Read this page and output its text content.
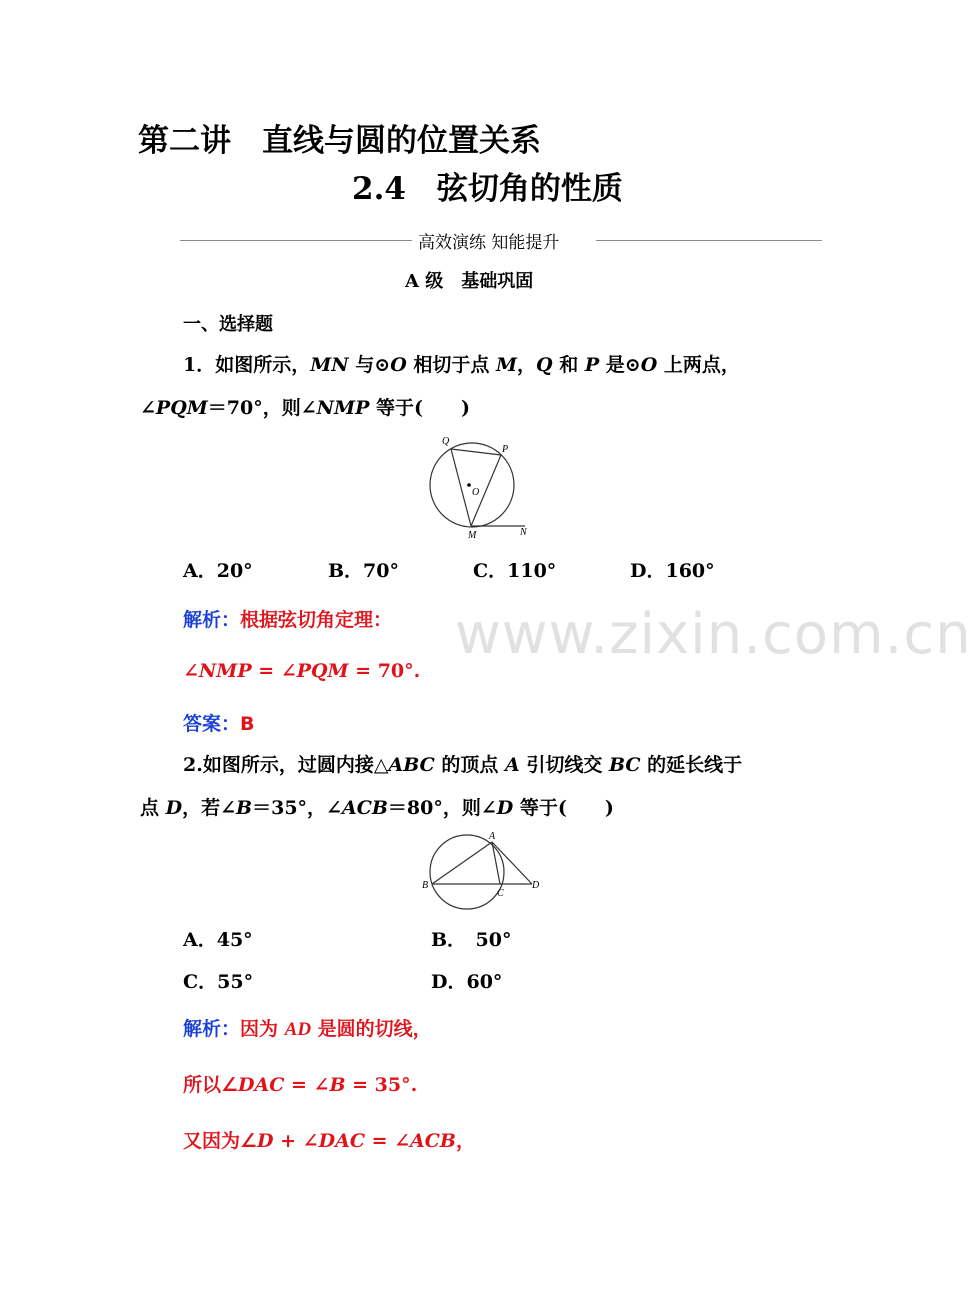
第二讲　直线与圆的位置关系
2.4　弦切角的性质
高效演练 知能提升
A 级　基础巩固
一、选择题
1．如图所示，MN 与⊙O 相切于点 M，Q 和 P 是⊙O 上两点，
∠PQM＝70°，则∠NMP 等于(　　)
Q
P
O
M	N
A．20°	B．70°	C．110°	D．160°
解析：根据弦切角定理：
∠NMP = ∠PQM = 70°.
答案：B
2.如图所示，过圆内接△ABC 的顶点 A 引切线交 BC 的延长线于
点 D，若∠B＝35°，∠ACB＝80°，则∠D 等于(　　)
A
B
C
D
A．45°	B．　50°
C．55°	D．60°
解析：因为 AD 是圆的切线，
所以∠DAC = ∠B = 35°.
又因为∠D + ∠DAC = ∠ACB，
www.zixin.com.cn
